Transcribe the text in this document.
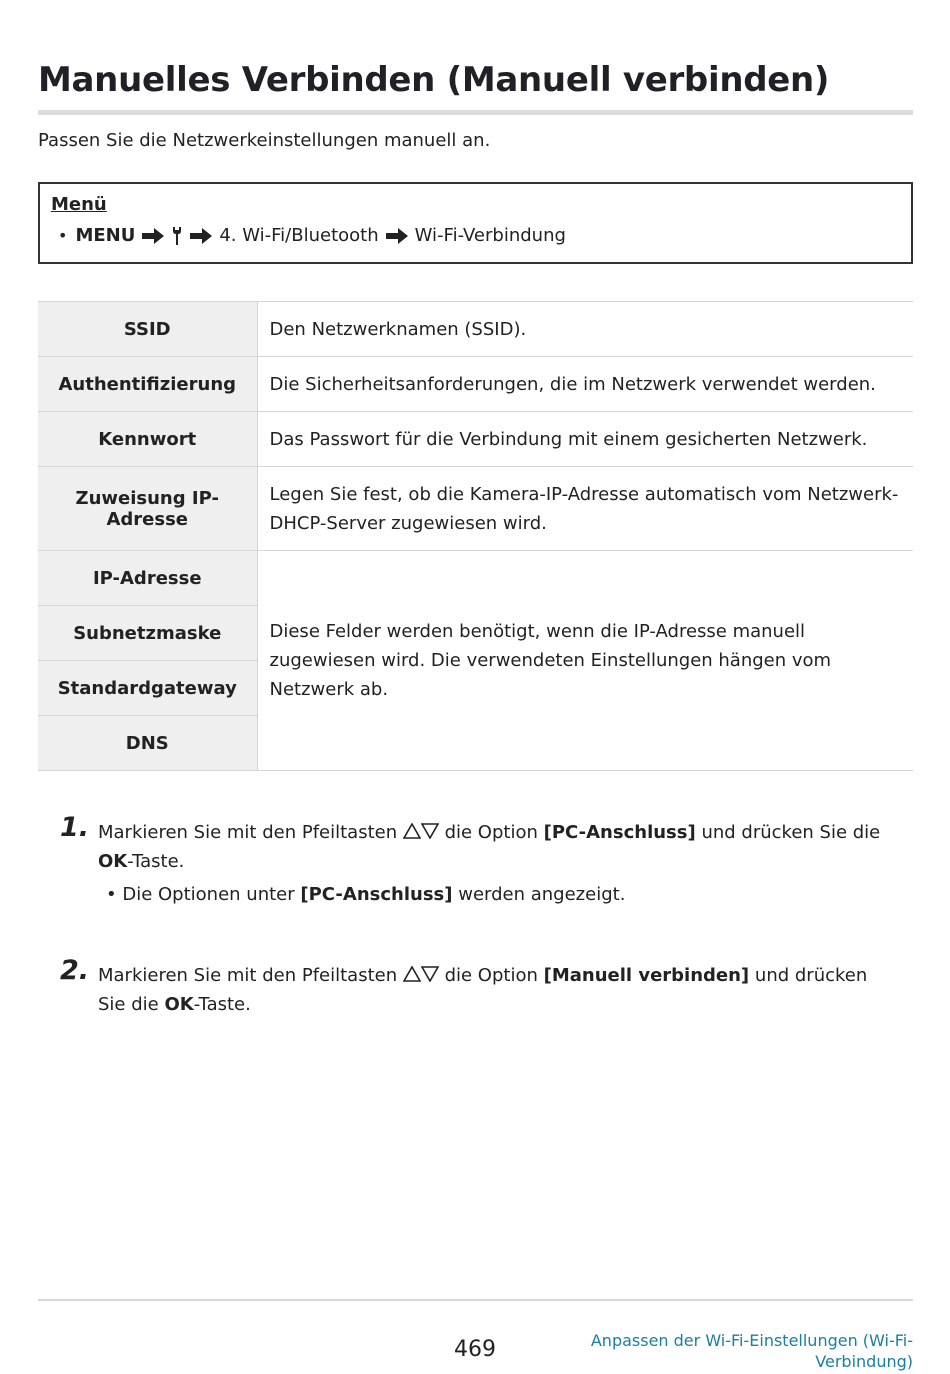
Manuelles Verbinden (Manuell verbinden)

Passen Sie die Netzwerkeinstellungen manuell an.

Menü
• MENU	4. Wi-Fi/Bluetooth Wi-Fi-Verbindung
SSID	Den Netzwerknamen (SSID).
Authentifizierung	Die Sicherheitsanforderungen, die im Netzwerk verwendet werden.
Kennwort	Das Passwort für die Verbindung mit einem gesicherten Netzwerk.
Zuweisung IP-Adresse	Legen Sie fest, ob die Kamera-IP-Adresse automatisch vom Netzwerk-DHCP-Server zugewiesen wird.
IP-Adresse	Diese Felder werden benötigt, wenn die IP-Adresse manuell zugewiesen wird. Die verwendeten Einstellungen hängen vom Netzwerk ab.
Subnetzmaske	
Standardgateway	
DNS	
1. Markieren Sie mit den Pfeiltasten	die Option [PC-Anschluss] und drücken Sie die OK-Taste.

• Die Optionen unter [PC-Anschluss] werden angezeigt.

2. Markieren Sie mit den Pfeiltasten	die Option [Manuell verbinden] und drücken Sie die OK-Taste.

469	Anpassen der Wi-Fi-Einstellungen (Wi-Fi-Verbindung)
